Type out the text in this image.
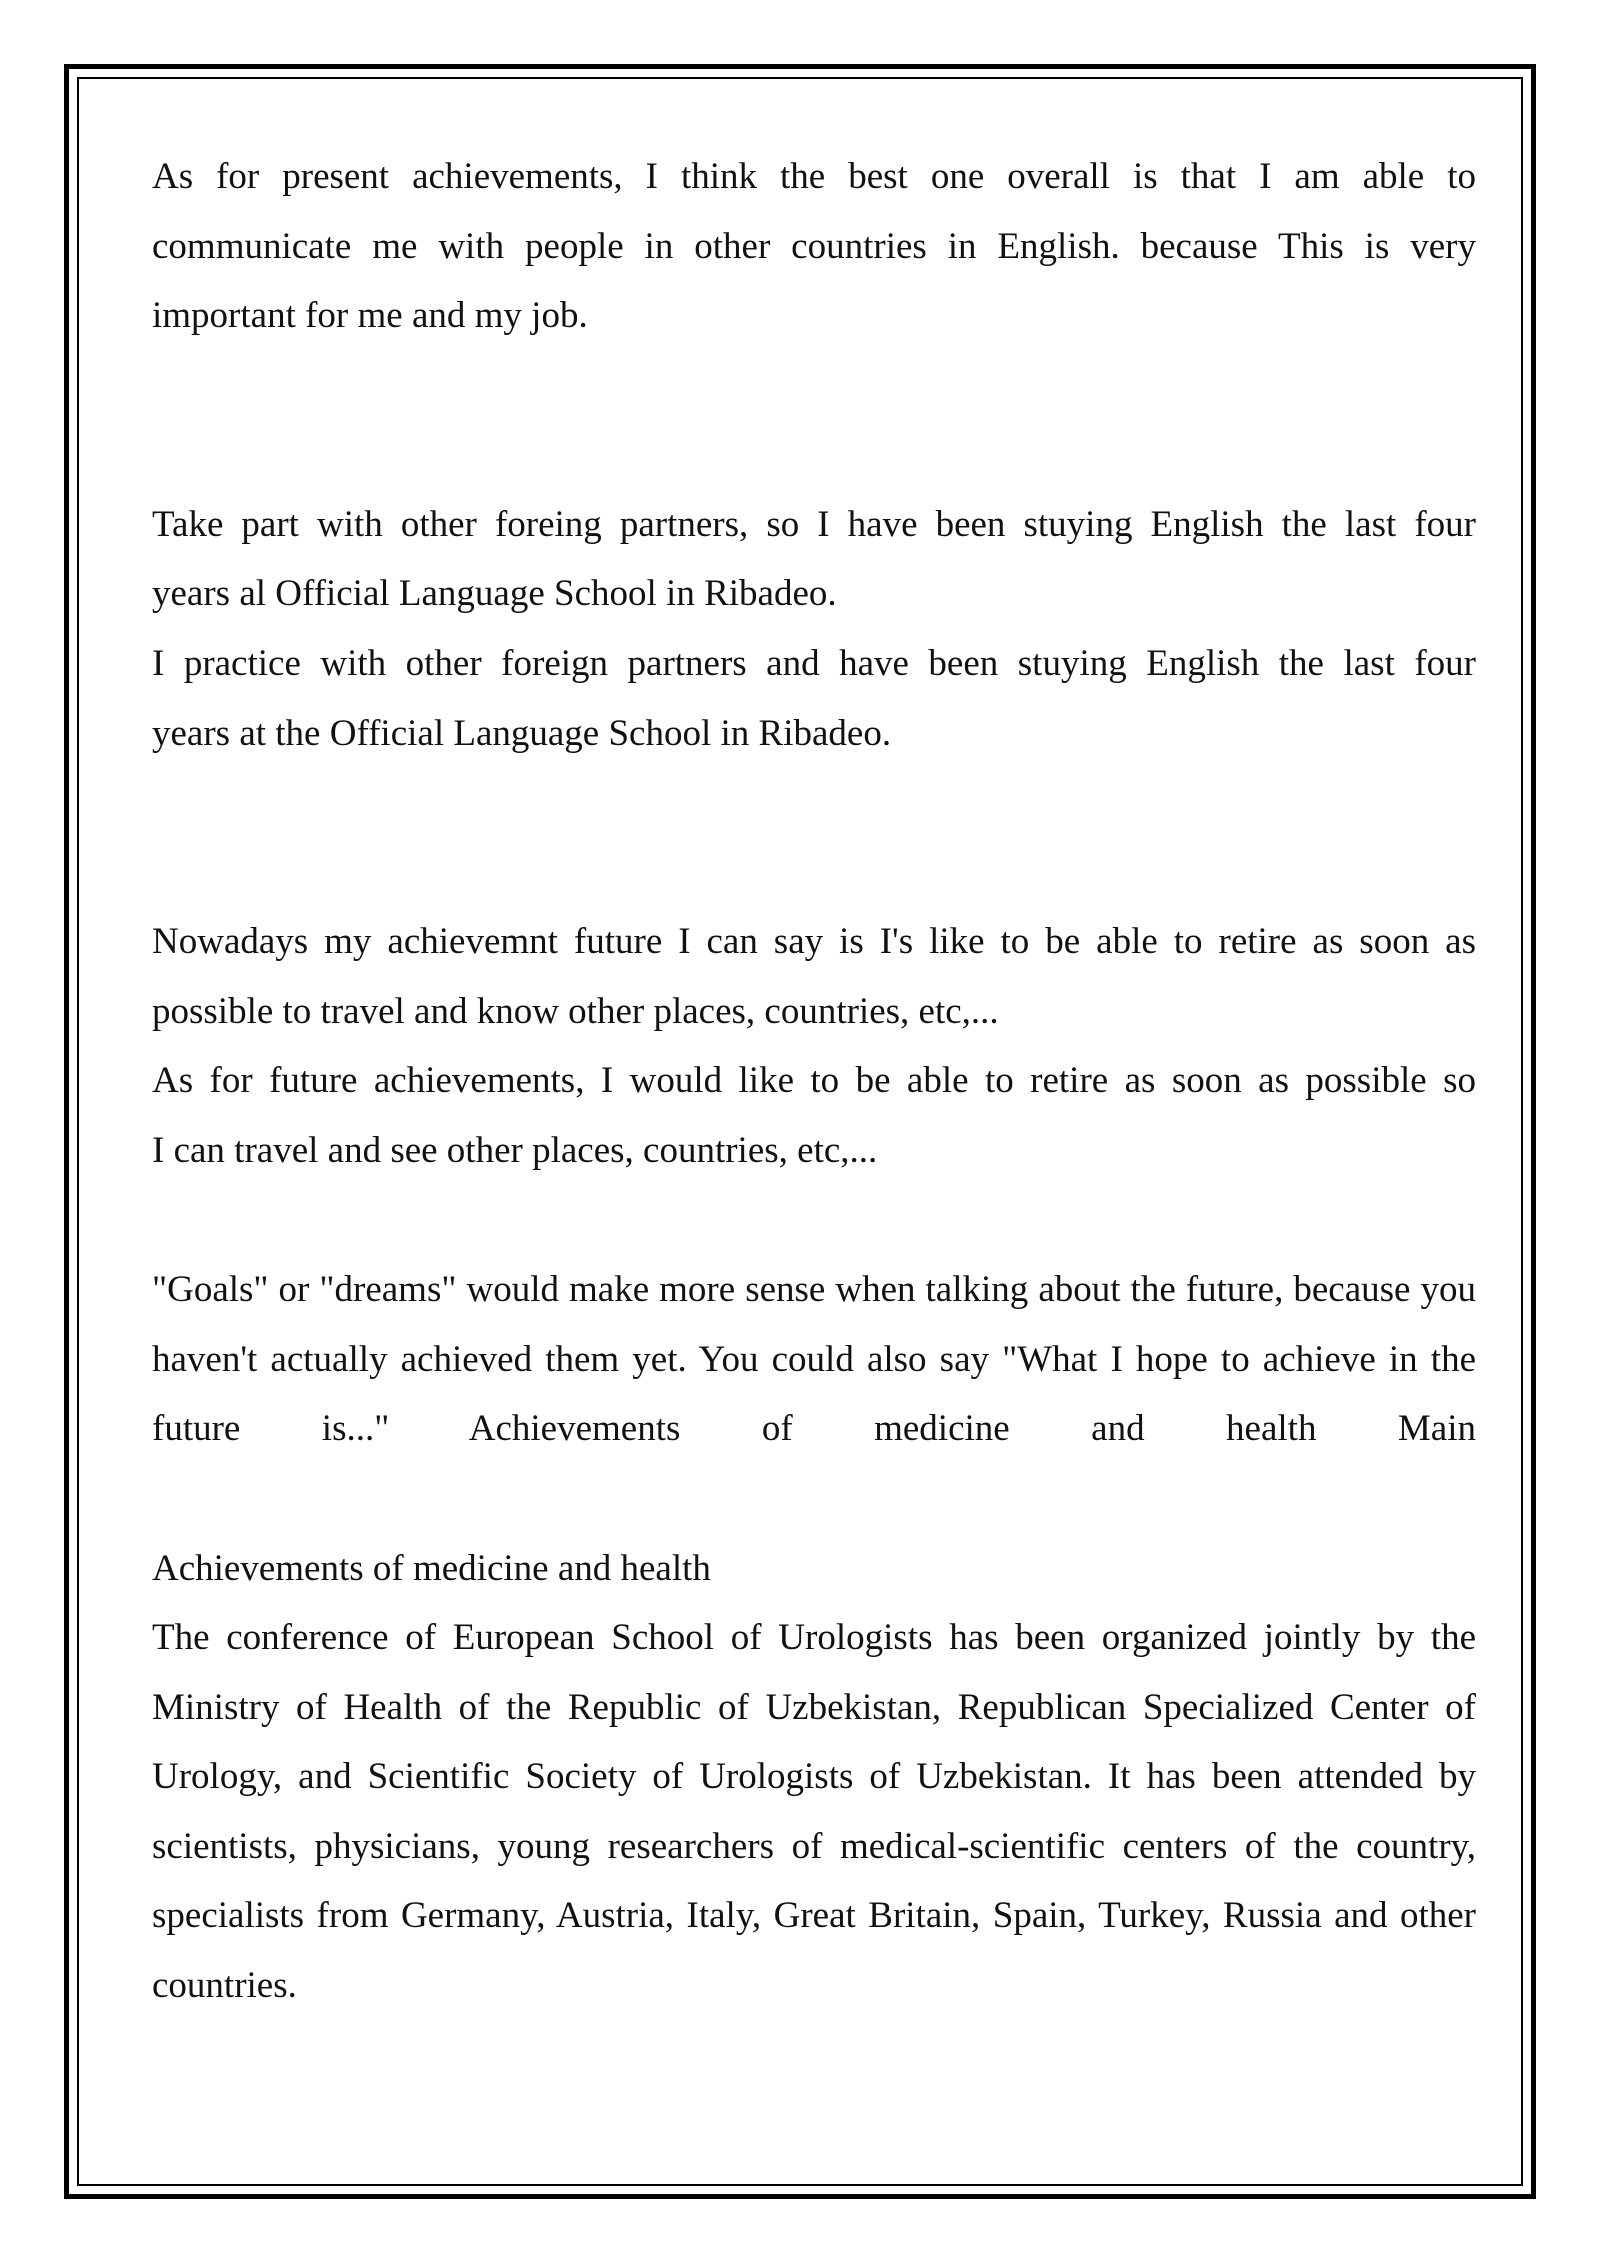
As for present achievements, I think the best one overall is that I am able to communicate me with people in other countries in English. because This is very important for me and my job.

Take part with other foreing partners, so I have been stuying English the last four

years al Official Language School in Ribadeo.

I practice with other foreign partners and have been stuying English the last four

years at the Official Language School in Ribadeo.

Nowadays my achievemnt future I can say is I's like to be able to retire as soon as

possible to travel and know other places, countries, etc,...

As for future achievements, I would like to be able to retire as soon as possible so

I can travel and see other places, countries, etc,...

"Goals" or "dreams" would make more sense when talking about the future, because you haven't actually achieved them yet. You could also say "What I hope to achieve in the future is..." Achievements of medicine and health Main

Achievements of medicine and health

The conference of European School of Urologists has been organized jointly by the Ministry of Health of the Republic of Uzbekistan, Republican Specialized Center of Urology, and Scientific Society of Urologists of Uzbekistan. It has been attended by scientists, physicians, young researchers of medical-scientific centers of the country, specialists from Germany, Austria, Italy, Great Britain, Spain, Turkey, Russia and other countries.
